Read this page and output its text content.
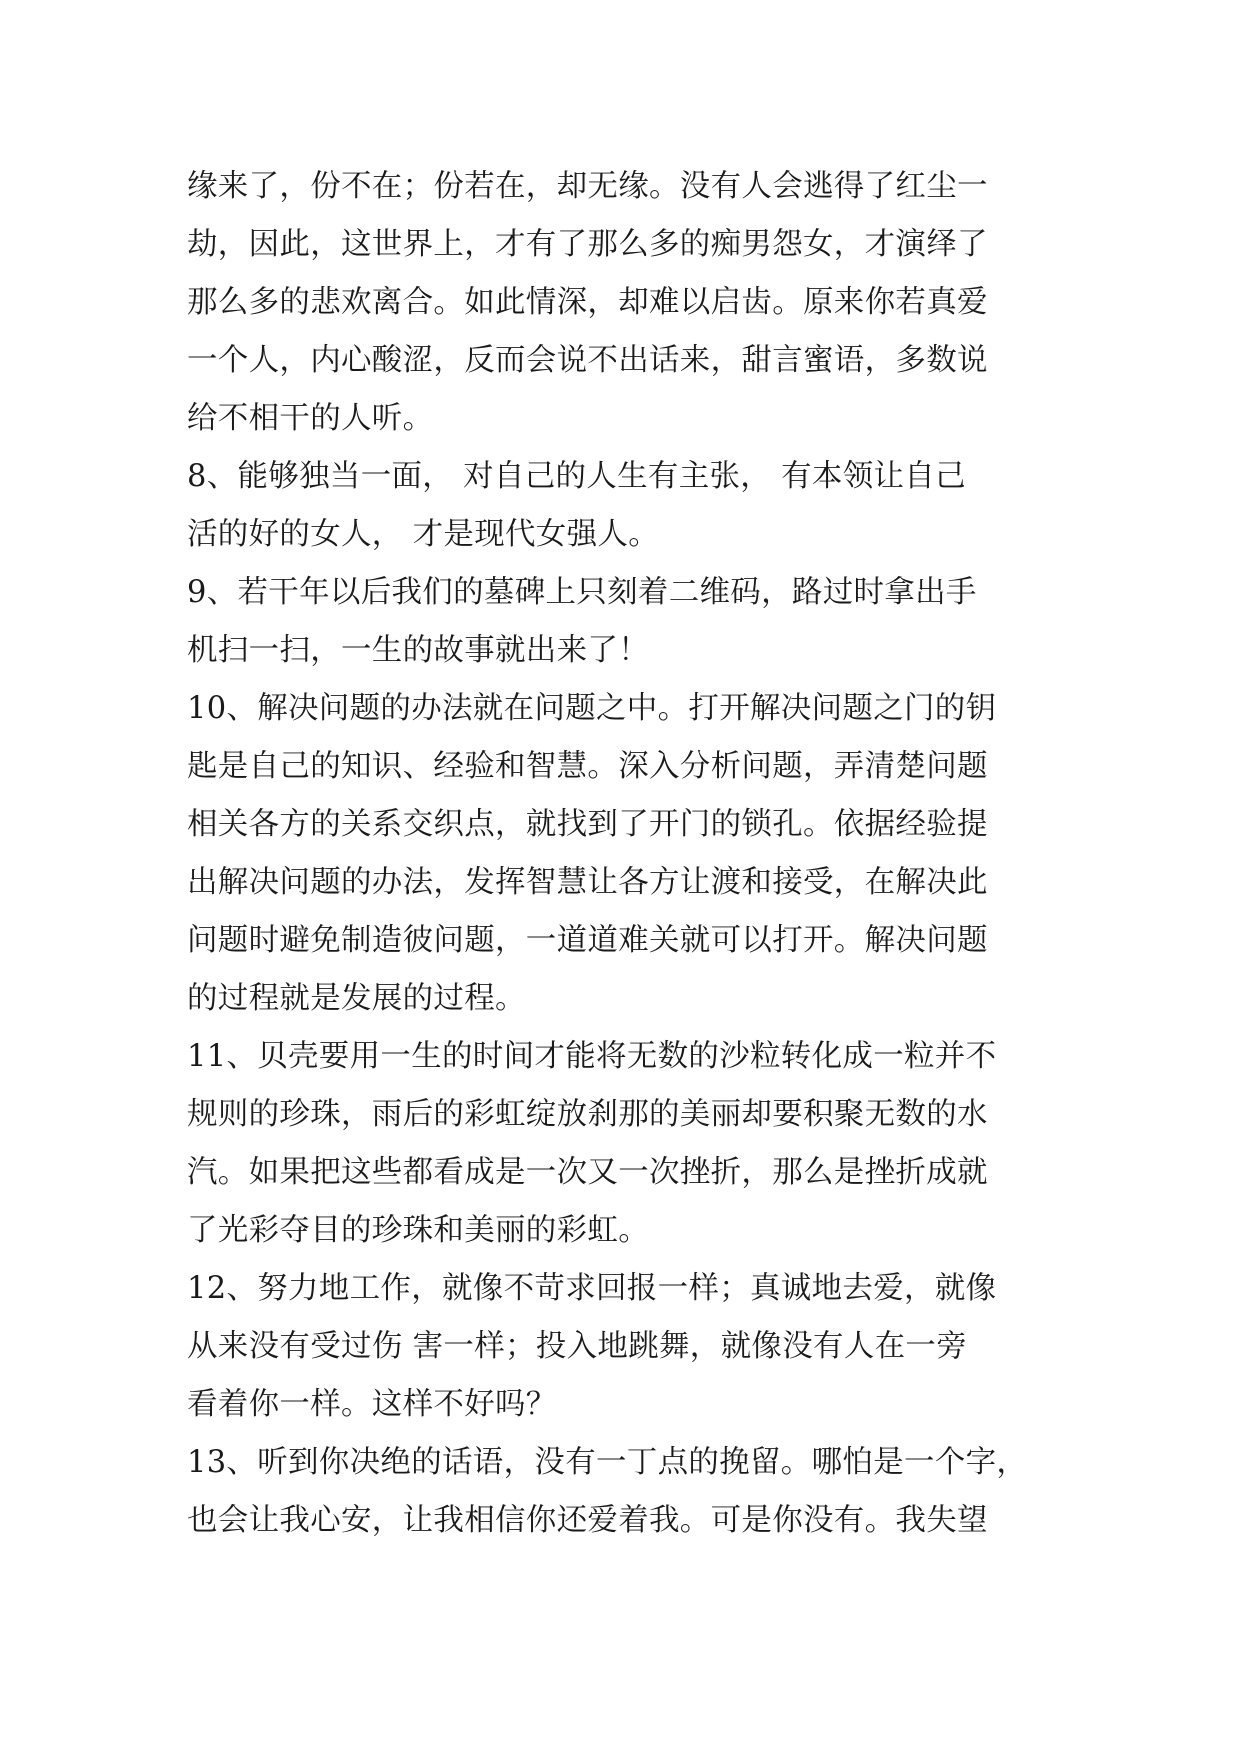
缘来了，份不在；份若在，却无缘。没有人会逃得了红尘一
劫，因此，这世界上，才有了那么多的痴男怨女，才演绎了
那么多的悲欢离合。如此情深，却难以启齿。原来你若真爱
一个人，内心酸涩，反而会说不出话来，甜言蜜语，多数说
给不相干的人听。
8、能够独当一面， 对自己的人生有主张， 有本领让自己
活的好的女人， 才是现代女强人。
9、若干年以后我们的墓碑上只刻着二维码，路过时拿出手
机扫一扫，一生的故事就出来了！
10、解决问题的办法就在问题之中。打开解决问题之门的钥
匙是自己的知识、经验和智慧。深入分析问题，弄清楚问题
相关各方的关系交织点，就找到了开门的锁孔。依据经验提
出解决问题的办法，发挥智慧让各方让渡和接受，在解决此
问题时避免制造彼问题，一道道难关就可以打开。解决问题
的过程就是发展的过程。
11、贝壳要用一生的时间才能将无数的沙粒转化成一粒并不
规则的珍珠，雨后的彩虹绽放刹那的美丽却要积聚无数的水
汽。如果把这些都看成是一次又一次挫折，那么是挫折成就
了光彩夺目的珍珠和美丽的彩虹。
12、努力地工作，就像不苛求回报一样；真诚地去爱，就像
从来没有受过伤 害一样；投入地跳舞，就像没有人在一旁
看着你一样。这样不好吗？
13、听到你决绝的话语，没有一丁点的挽留。哪怕是一个字，
也会让我心安，让我相信你还爱着我。可是你没有。我失望
